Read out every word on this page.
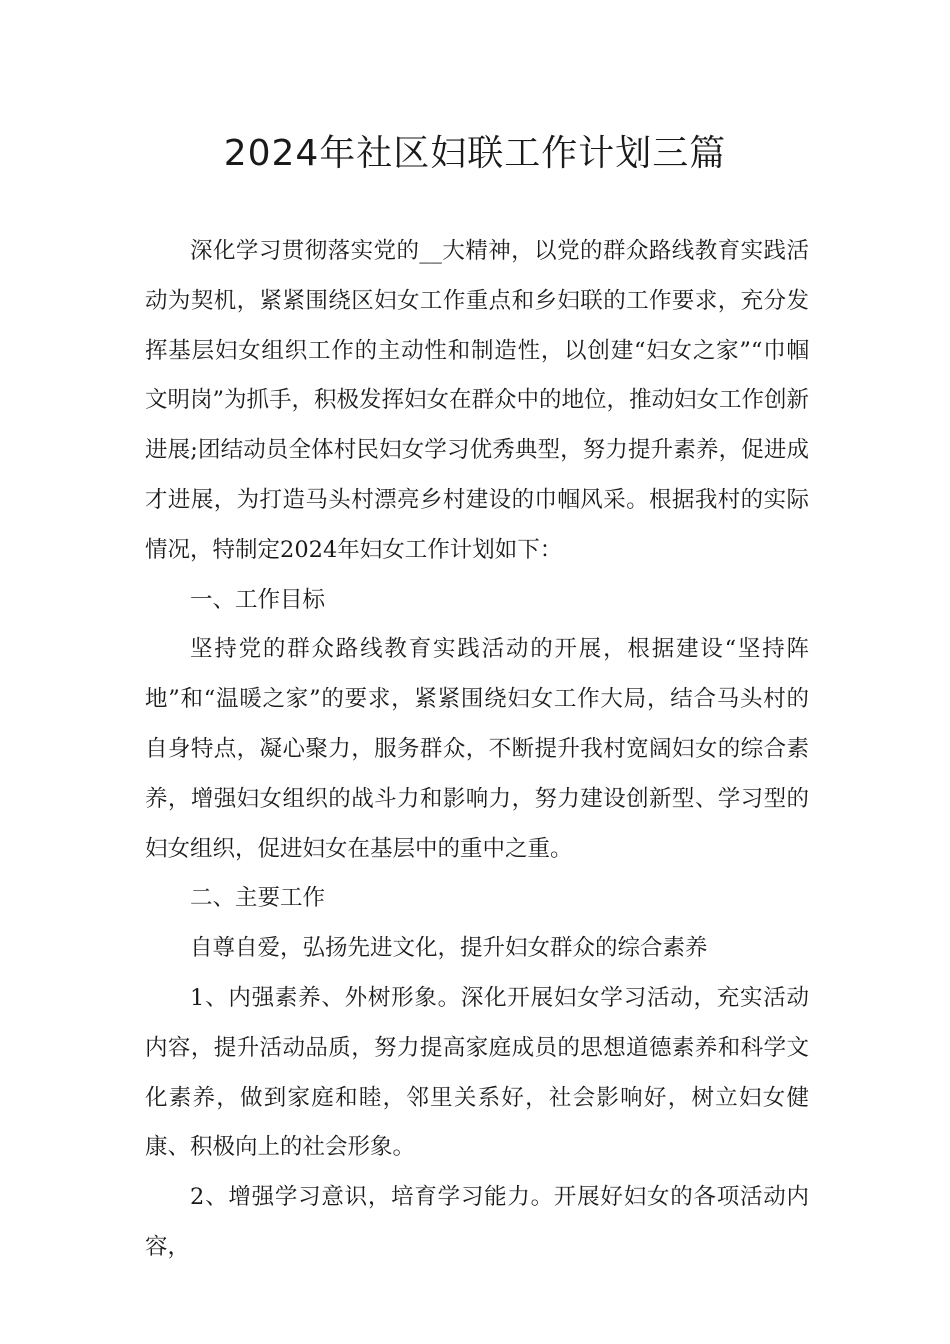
2024年社区妇联工作计划三篇

深化学习贯彻落实党的__大精神，以党的群众路线教育实践活动为契机，紧紧围绕区妇女工作重点和乡妇联的工作要求，充分发挥基层妇女组织工作的主动性和制造性，以创建“妇女之家”“巾帼文明岗”为抓手，积极发挥妇女在群众中的地位，推动妇女工作创新进展;团结动员全体村民妇女学习优秀典型，努力提升素养，促进成才进展，为打造马头村漂亮乡村建设的巾帼风采。根据我村的实际情况，特制定2024年妇女工作计划如下：

一、工作目标

坚持党的群众路线教育实践活动的开展，根据建设“坚持阵地”和“温暖之家”的要求，紧紧围绕妇女工作大局，结合马头村的自身特点，凝心聚力，服务群众，不断提升我村宽阔妇女的综合素养，增强妇女组织的战斗力和影响力，努力建设创新型、学习型的妇女组织，促进妇女在基层中的重中之重。

二、主要工作

自尊自爱，弘扬先进文化，提升妇女群众的综合素养

1、内强素养、外树形象。深化开展妇女学习活动，充实活动内容，提升活动品质，努力提高家庭成员的思想道德素养和科学文化素养，做到家庭和睦，邻里关系好，社会影响好，树立妇女健康、积极向上的社会形象。

2、增强学习意识，培育学习能力。开展好妇女的各项活动内容，
